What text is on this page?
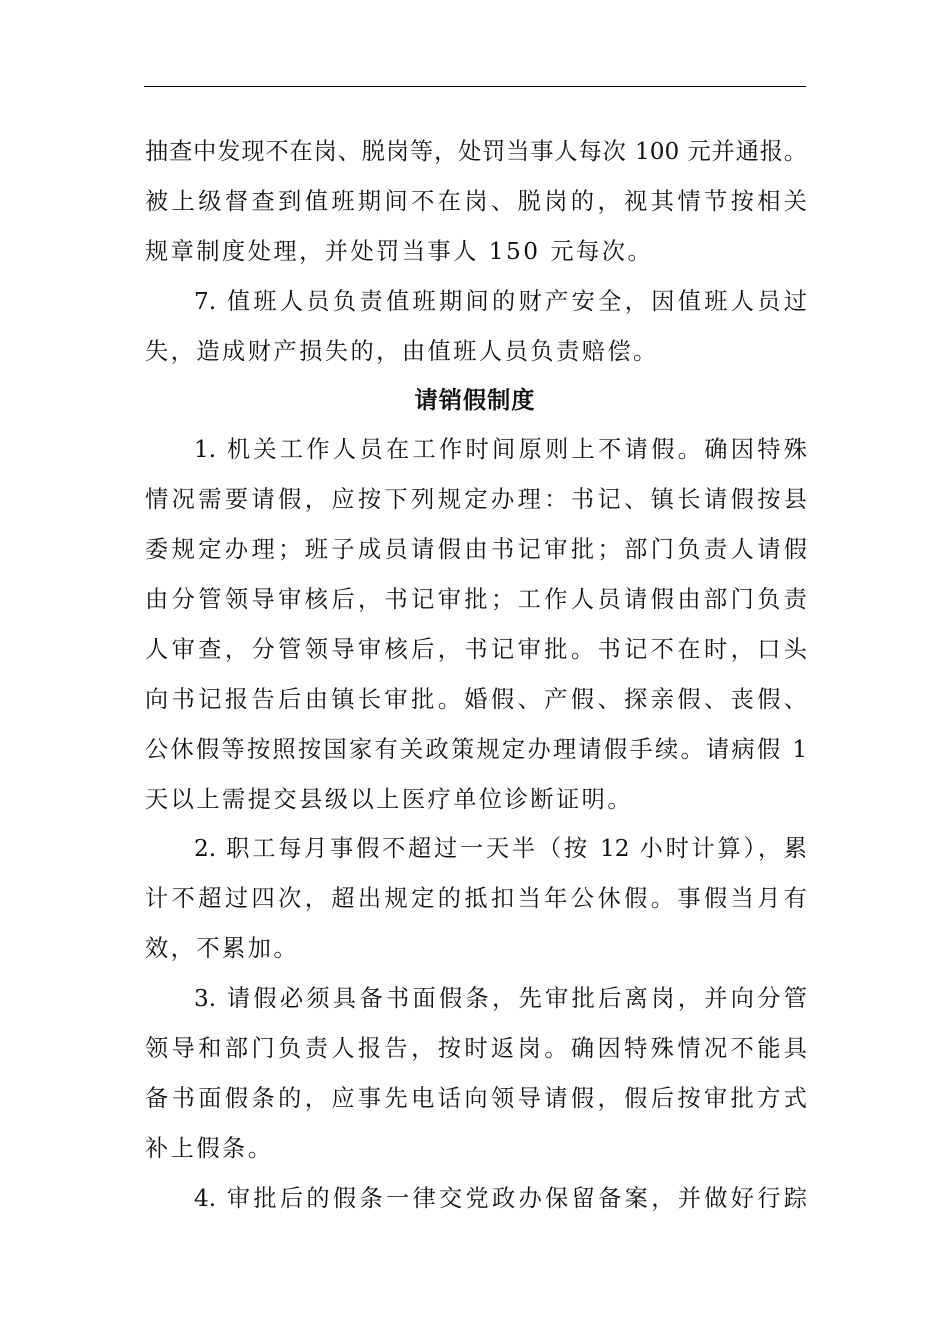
抽查中发现不在岗、脱岗等，处罚当事人每次 100 元并通报。
被上级督查到值班期间不在岗、脱岗的，视其情节按相关
规章制度处理，并处罚当事人 150 元每次。
7. 值班人员负责值班期间的财产安全，因值班人员过
失，造成财产损失的，由值班人员负责赔偿。
请销假制度
1. 机关工作人员在工作时间原则上不请假。确因特殊
情况需要请假，应按下列规定办理：书记、镇长请假按县
委规定办理；班子成员请假由书记审批；部门负责人请假
由分管领导审核后，书记审批；工作人员请假由部门负责
人审查，分管领导审核后，书记审批。书记不在时，口头
向书记报告后由镇长审批。婚假、产假、探亲假、丧假、
公休假等按照按国家有关政策规定办理请假手续。请病假 1
天以上需提交县级以上医疗单位诊断证明。
2. 职工每月事假不超过一天半（按 12 小时计算），累
计不超过四次，超出规定的抵扣当年公休假。事假当月有
效，不累加。
3. 请假必须具备书面假条，先审批后离岗，并向分管
领导和部门负责人报告，按时返岗。确因特殊情况不能具
备书面假条的，应事先电话向领导请假，假后按审批方式
补上假条。
4. 审批后的假条一律交党政办保留备案，并做好行踪
